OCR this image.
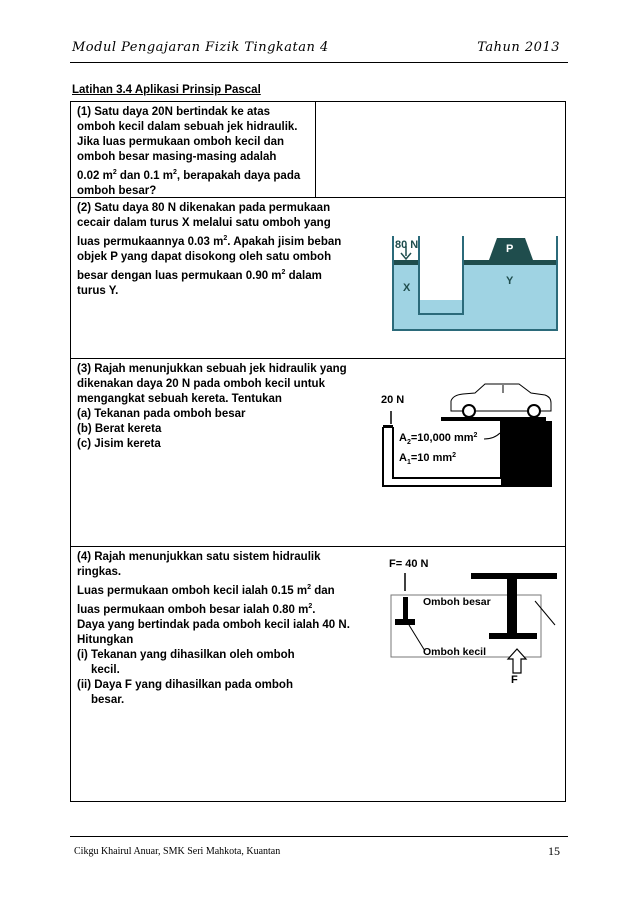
Modul Pengajaran Fizik Tingkatan 4	Tahun 2013
Latihan 3.4 Aplikasi Prinsip Pascal

(1) Satu daya 20N bertindak ke atas

omboh kecil dalam sebuah jek hidraulik.

Jika luas permukaan omboh kecil dan

omboh besar masing-masing adalah

0.02 $m^2$ dan 0.1 $m^2$, berapakah daya pada

omboh besar?

(2) Satu daya 80 N dikenakan pada permukaan

cecair dalam turus X melalui satu omboh yang

luas permukaannya 0.03 $m^2$. Apakah jisim beban

objek P yang dapat disokong oleh satu omboh

besar dengan luas permukaan 0.90 $m^2$ dalam

turus Y.

80 N
X
P
Y

(3) Rajah menunjukkan sebuah jek hidraulik yang

dikenakan daya 20 N pada omboh kecil untuk

mengangkat sebuah kereta. Tentukan

(a) Tekanan pada omboh besar

(b) Berat kereta

(c) Jisim kereta

20 N
$A_2=10,000$ $mm^2$
$A_1=10$ $mm^2$

(4) Rajah menunjukkan satu sistem hidraulik

ringkas.

Luas permukaan omboh kecil ialah 0.15 $m^2$ dan

luas permukaan omboh besar ialah 0.80 $m^2$.

Daya yang bertindak pada omboh kecil ialah 40 N.

Hitungkan

(i) Tekanan yang dihasilkan oleh omboh

kecil.

(ii) Daya F yang dihasilkan pada omboh

besar.

F= 40 N
Omboh besar
Omboh kecil
F
Cikgu Khairul Anuar, SMK Seri Mahkota, Kuantan	15
